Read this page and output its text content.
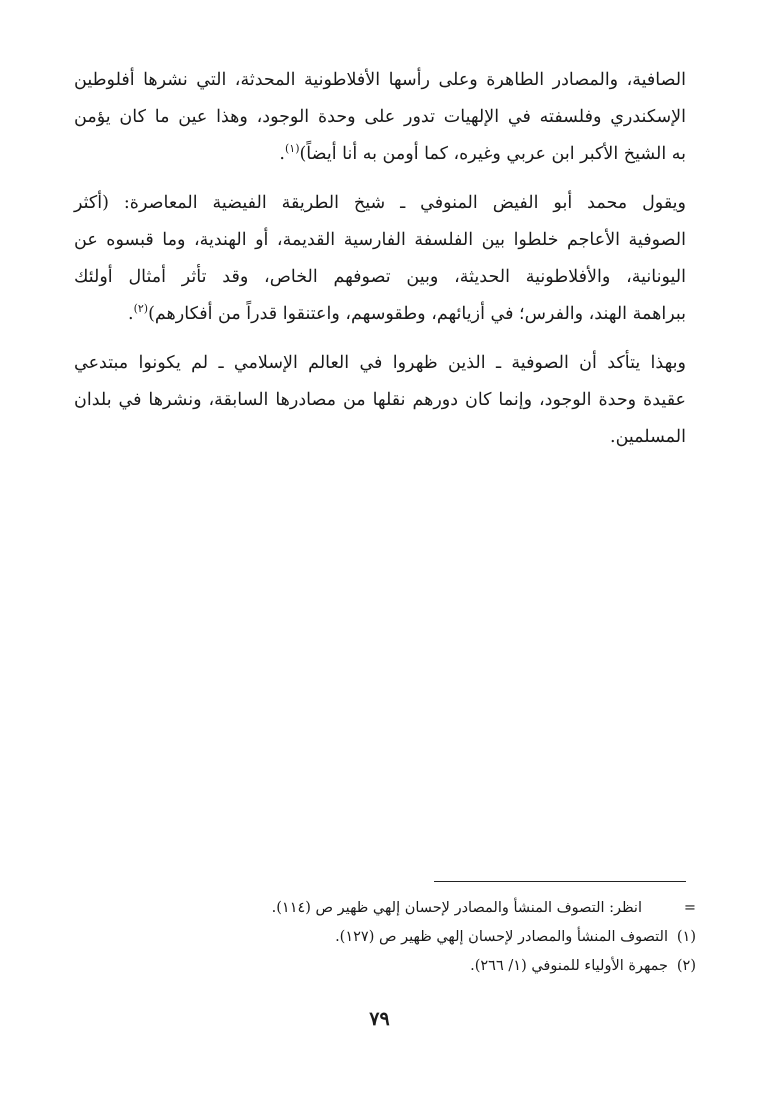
الصافية، والمصادر الطاهرة وعلى رأسها الأفلاطونية المحدثة، التي نشرها أفلوطين
الإسكندري وفلسفته في الإلهيات تدور على وحدة الوجود، وهذا عين ما كان يؤمن
به الشيخ الأكبر ابن عربي وغيره، كما أومن به أنا أيضاً)$^{(١)}$.

ويقول محمد أبو الفيض المنوفي ـ شيخ الطريقة الفيضية المعاصرة: (أكثر
الصوفية الأعاجم خلطوا بين الفلسفة الفارسية القديمة، أو الهندية، وما قبسوه عن
اليونانية، والأفلاطونية الحديثة، وبين تصوفهم الخاص، وقد تأثر أمثال أولئك
ببراهمة الهند، والفرس؛ في أزيائهم، وطقوسهم، واعتنقوا قدراً من أفكارهم)$^{(٢)}$.

وبهذا يتأكد أن الصوفية ـ الذين ظهروا في العالم الإسلامي ـ لم يكونوا مبتدعي
عقيدة وحدة الوجود، وإنما كان دورهم نقلها من مصادرها السابقة، ونشرها في بلدان
المسلمين.

=انظر: التصوف المنشأ والمصادر لإحسان إلهي ظهير ص (١١٤).
(١)التصوف المنشأ والمصادر لإحسان إلهي ظهير ص (١٢٧).
(٢)جمهرة الأولياء للمنوفي (١/ ٢٦٦).
٧٩
